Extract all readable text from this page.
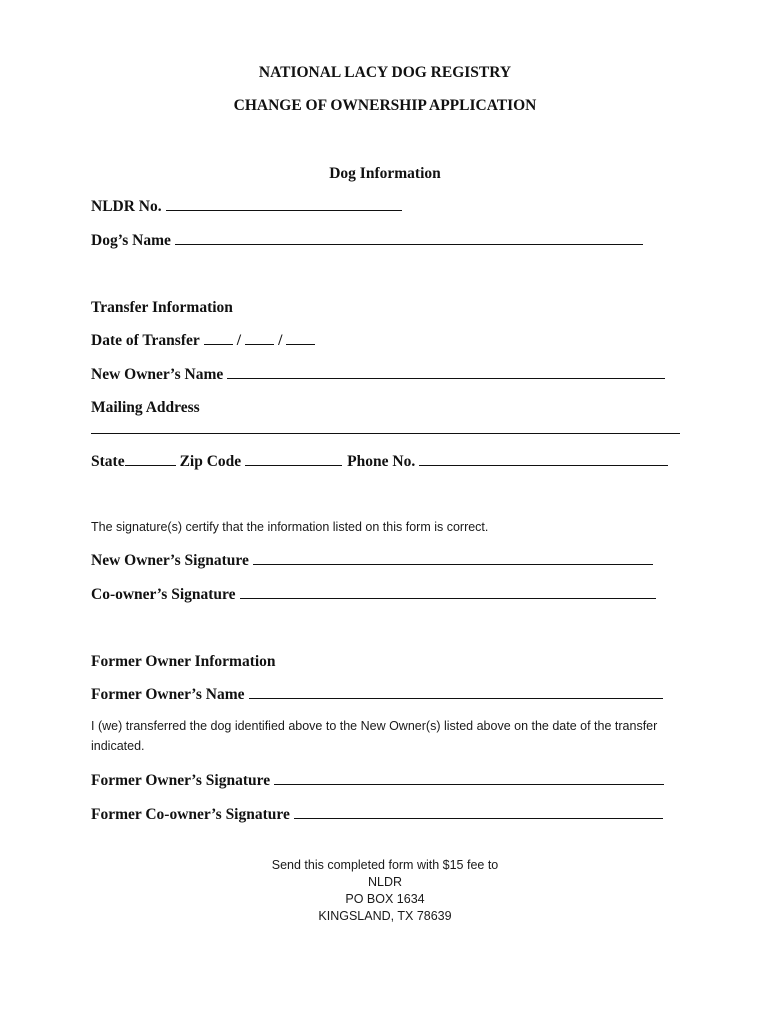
NATIONAL LACY DOG REGISTRY
CHANGE OF OWNERSHIP APPLICATION
Dog Information
NLDR No.
Dog’s Name
Transfer Information
Date of Transfer / /
New Owner’s Name
Mailing Address
State	Zip Code	Phone No.
The signature(s) certify that the information listed on this form is correct.
New Owner’s Signature
Co-owner’s Signature
Former Owner Information
Former Owner’s Name
I (we) transferred the dog identified above to the New Owner(s) listed above on the date of the transfer
indicated.
Former Owner’s Signature
Former Co-owner’s Signature
Send this completed form with $15 fee to
NLDR
PO BOX 1634
KINGSLAND, TX 78639
